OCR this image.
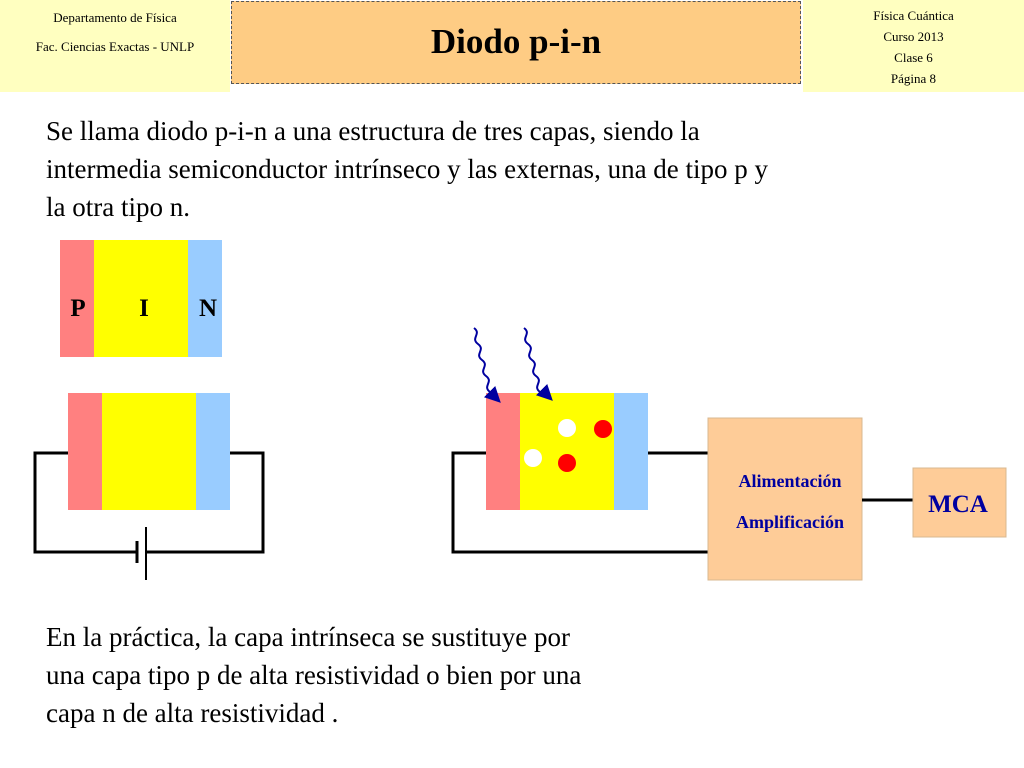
Departamento de Física
Fac. Ciencias Exactas - UNLP	Diodo p-i-n
Física Cuántica
Curso 2013
Clase 6
Página 8
Se llama diodo p-i-n a una estructura de tres capas, siendo la
intermedia semiconductor intrínseco y las externas, una de tipo p y
la otra tipo n.
P I N
Alimentación
Amplificación
MCA
En la práctica, la capa intrínseca se sustituye por
una capa tipo p de alta resistividad o bien por una
capa n de alta resistividad .
